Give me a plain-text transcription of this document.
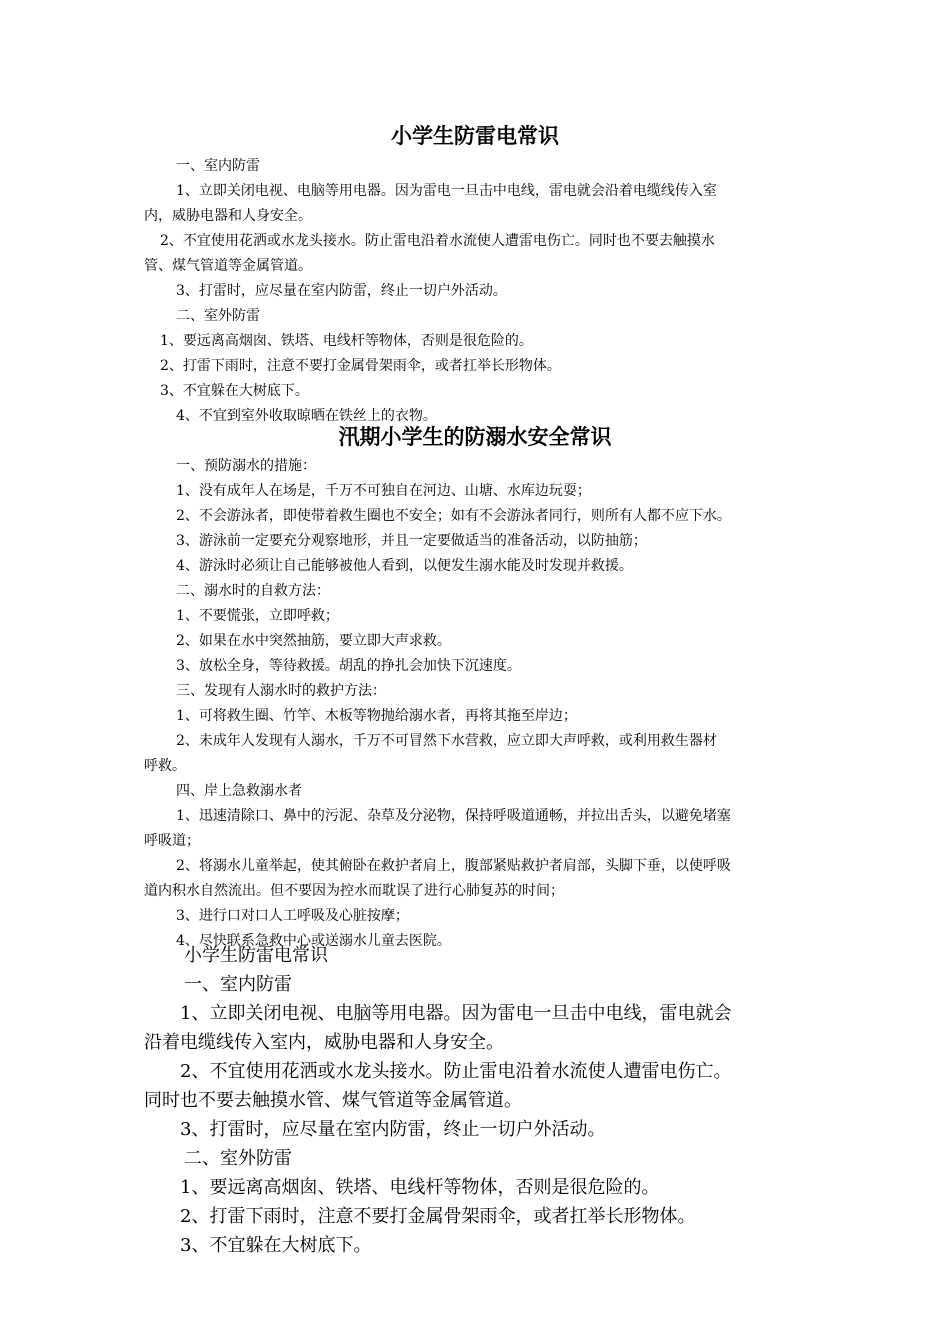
小学生防雷电常识

一、室内防雷

1、立即关闭电视、电脑等用电器。因为雷电一旦击中电线，雷电就会沿着电缆线传入室

内，威胁电器和人身安全。

2、不宜使用花洒或水龙头接水。防止雷电沿着水流使人遭雷电伤亡。同时也不要去触摸水

管、煤气管道等金属管道。

3、打雷时，应尽量在室内防雷，终止一切户外活动。

二、室外防雷

1、要远离高烟囱、铁塔、电线杆等物体，否则是很危险的。

2、打雷下雨时，注意不要打金属骨架雨伞，或者扛举长形物体。

3、不宜躲在大树底下。

4、不宜到室外收取晾晒在铁丝上的衣物。

汛期小学生的防溺水安全常识

一、预防溺水的措施：

1、没有成年人在场是，千万不可独自在河边、山塘、水库边玩耍；

2、不会游泳者，即使带着救生圈也不安全；如有不会游泳者同行，则所有人都不应下水。

3、游泳前一定要充分观察地形，并且一定要做适当的准备活动，以防抽筋；

4、游泳时必须让自己能够被他人看到，以便发生溺水能及时发现并救援。

二、溺水时的自救方法：

1、不要慌张，立即呼救；

2、如果在水中突然抽筋，要立即大声求救。

3、放松全身，等待救援。胡乱的挣扎会加快下沉速度。

三、发现有人溺水时的救护方法：

1、可将救生圈、竹竿、木板等物抛给溺水者，再将其拖至岸边；

2、未成年人发现有人溺水，千万不可冒然下水营救，应立即大声呼救，或利用救生器材

呼救。

四、岸上急救溺水者

1、迅速清除口、鼻中的污泥、杂草及分泌物，保持呼吸道通畅，并拉出舌头，以避免堵塞

呼吸道；

2、将溺水儿童举起，使其俯卧在救护者肩上，腹部紧贴救护者肩部，头脚下垂，以使呼吸

道内积水自然流出。但不要因为控水而耽误了进行心肺复苏的时间；

3、进行口对口人工呼吸及心脏按摩；

4、尽快联系急救中心或送溺水儿童去医院。

小学生防雷电常识

一、室内防雷

1、立即关闭电视、电脑等用电器。因为雷电一旦击中电线，雷电就会

沿着电缆线传入室内，威胁电器和人身安全。

2、不宜使用花洒或水龙头接水。防止雷电沿着水流使人遭雷电伤亡。

同时也不要去触摸水管、煤气管道等金属管道。

3、打雷时，应尽量在室内防雷，终止一切户外活动。

二、室外防雷

1、要远离高烟囱、铁塔、电线杆等物体，否则是很危险的。

2、打雷下雨时，注意不要打金属骨架雨伞，或者扛举长形物体。

3、不宜躲在大树底下。
